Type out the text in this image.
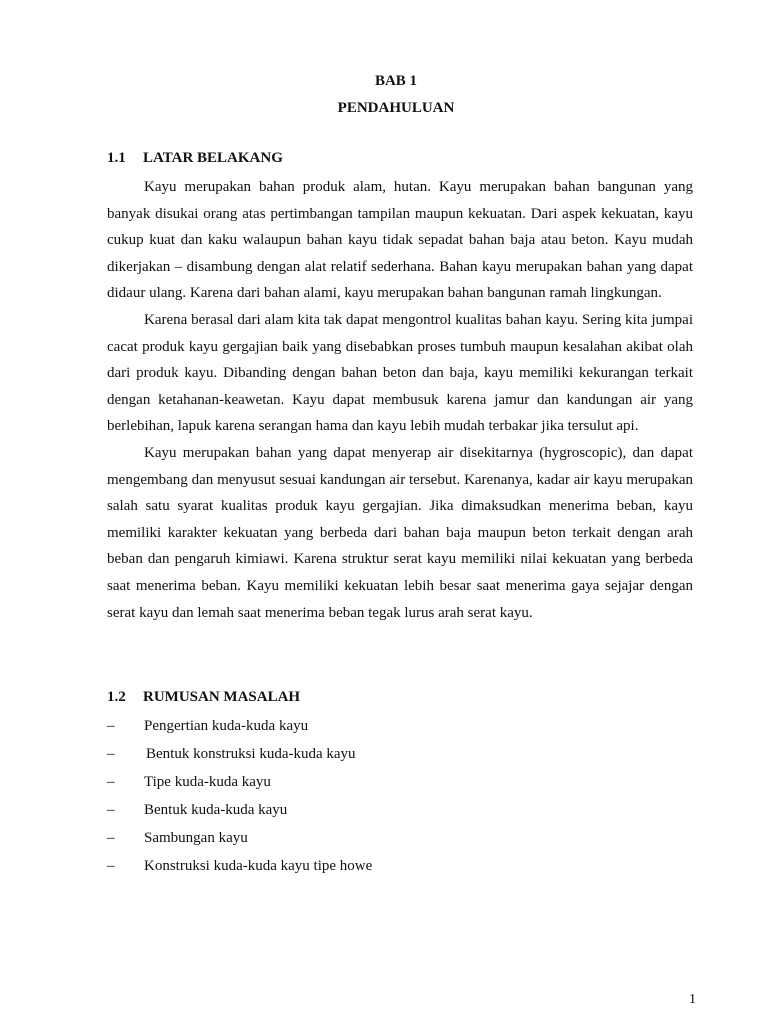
BAB 1
PENDAHULUAN
1.1 LATAR BELAKANG

Kayu merupakan bahan produk alam, hutan. Kayu merupakan bahan bangunan yang banyak disukai orang atas pertimbangan tampilan maupun kekuatan. Dari aspek kekuatan, kayu cukup kuat dan kaku walaupun bahan kayu tidak sepadat bahan baja atau beton. Kayu mudah dikerjakan – disambung dengan alat relatif sederhana. Bahan kayu merupakan bahan yang dapat didaur ulang. Karena dari bahan alami, kayu merupakan bahan bangunan ramah lingkungan.

Karena berasal dari alam kita tak dapat mengontrol kualitas bahan kayu. Sering kita jumpai cacat produk kayu gergajian baik yang disebabkan proses tumbuh maupun kesalahan akibat olah dari produk kayu. Dibanding dengan bahan beton dan baja, kayu memiliki kekurangan terkait dengan ketahanan-keawetan. Kayu dapat membusuk karena jamur dan kandungan air yang berlebihan, lapuk karena serangan hama dan kayu lebih mudah terbakar jika tersulut api.

Kayu merupakan bahan yang dapat menyerap air disekitarnya (hygroscopic), dan dapat mengembang dan menyusut sesuai kandungan air tersebut. Karenanya, kadar air kayu merupakan salah satu syarat kualitas produk kayu gergajian. Jika dimaksudkan menerima beban, kayu memiliki karakter kekuatan yang berbeda dari bahan baja maupun beton terkait dengan arah beban dan pengaruh kimiawi. Karena struktur serat kayu memiliki nilai kekuatan yang berbeda saat menerima beban. Kayu memiliki kekuatan lebih besar saat menerima gaya sejajar dengan serat kayu dan lemah saat menerima beban tegak lurus arah serat kayu.

1.2 RUMUSAN MASALAH
– Pengertian kuda-kuda kayu
– Bentuk konstruksi kuda-kuda kayu
– Tipe kuda-kuda kayu
– Bentuk kuda-kuda kayu
– Sambungan kayu
– Konstruksi kuda-kuda kayu tipe howe
1
